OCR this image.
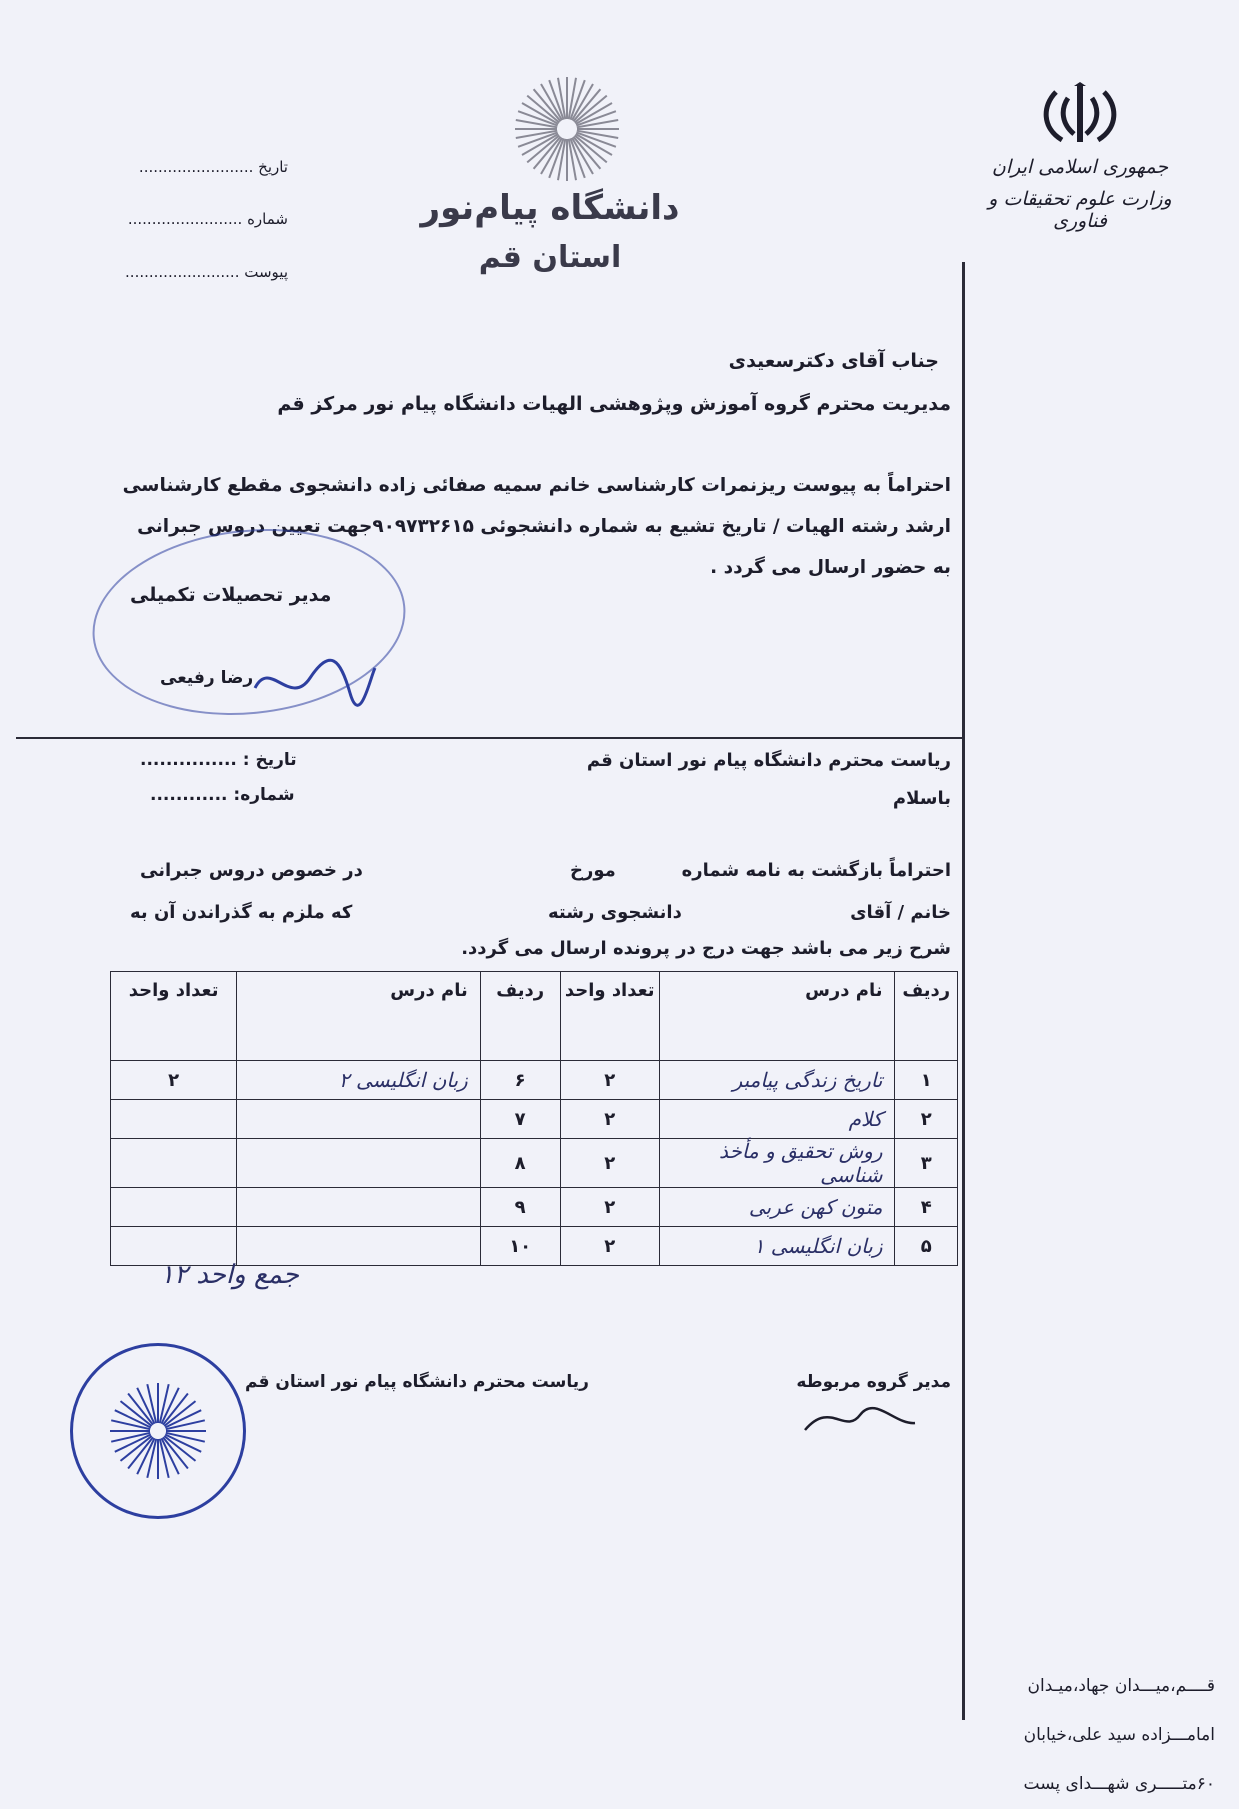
جمهوری اسلامی ایران
وزارت علوم تحقیقات و فناوری
دانشگاه پیام‌نور
استان قم
تاریخ ........................
شماره ........................
پیوست ........................
جناب آقای دکترسعیدی
مدیریت محترم گروه آموزش وپژوهشی الهیات دانشگاه پیام نور مرکز قم
احتراماً به پیوست ریزنمرات کارشناسی خانم سمیه صفائی زاده دانشجوی مقطع کارشناسی
ارشد رشته الهیات / تاریخ تشیع به شماره دانشجوئی ۹۰۹۷۳۲۶۱۵جهت تعیین دروس جبرانی
به حضور ارسال می گردد .
مدیر تحصیلات تکمیلی
رضا رفیعی
ریاست محترم دانشگاه پیام نور استان قم
باسلام
تاریخ : ...............
شماره: ............
احتراماً بازگشت به نامه شماره
مورخ
در خصوص دروس جبرانی
خانم / آقای
دانشجوی رشته
که ملزم به گذراندن آن به
شرح زیر می باشد جهت درج در پرونده ارسال می گردد.
ردیف	نام درس	تعداد واحد	ردیف	نام درس	تعداد واحد
۱	تاریخ زندگی پیامبر	۲	۶	زبان انگلیسی ۲	۲
۲	کلام	۲	۷		
۳	روش تحقیق و مأخذ شناسی	۲	۸		
۴	متون کهن عربی	۲	۹		
۵	زبان انگلیسی ۱	۲	۱۰		
جمع واحد ۱۲
مدیر گروه مربوطه
ریاست محترم دانشگاه پیام نور استان قم
قــــم،میـــدان جهاد،میـدان
امامـــزاده سید علی،خیابان
۶۰متـــــری شهـــدای پست
